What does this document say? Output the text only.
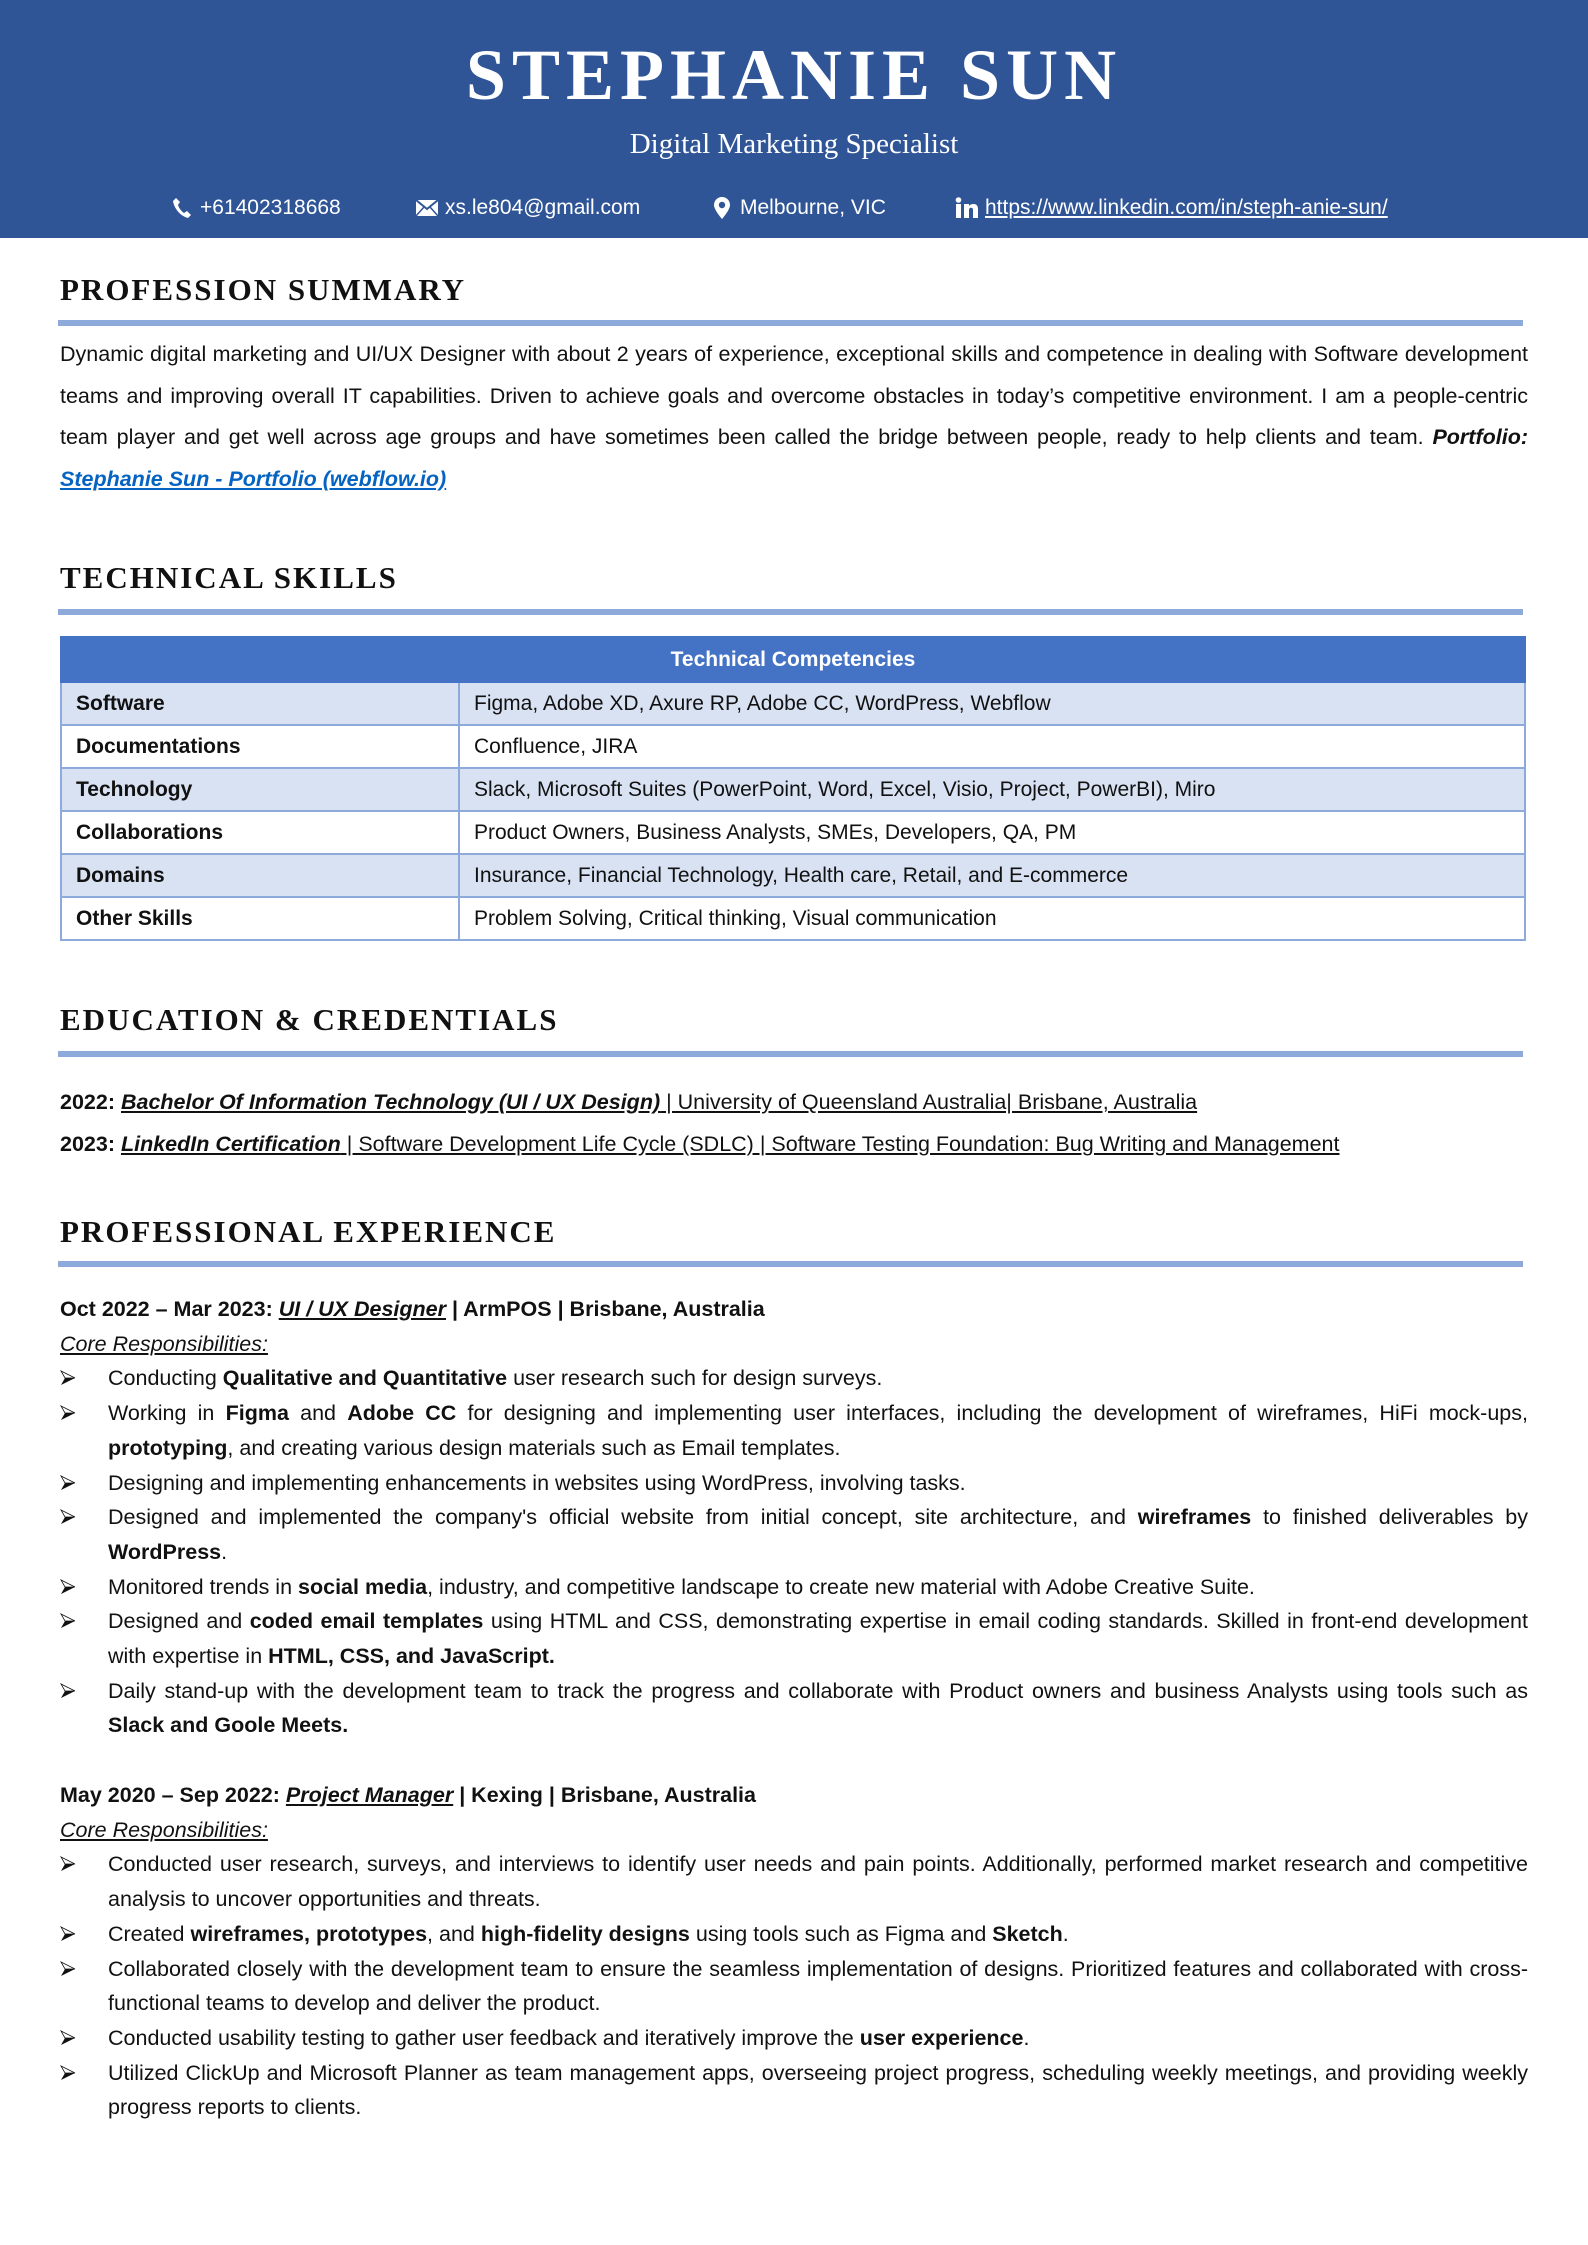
STEPHANIE SUN
Digital Marketing Specialist
+61402318668	xs.le804@gmail.com	Melbourne, VIC	https://www.linkedin.com/in/steph-anie-sun/
PROFESSION SUMMARY
Dynamic digital marketing and UI/UX Designer with about 2 years of experience, exceptional skills and competence in dealing with Software development teams and improving overall IT capabilities. Driven to achieve goals and overcome obstacles in today’s competitive environment. I am a people-centric team player and get well across age groups and have sometimes been called the bridge between people, ready to help clients and team. Portfolio: Stephanie Sun - Portfolio (webflow.io)
TECHNICAL SKILLS
Technical Competencies	
Software	Figma, Adobe XD, Axure RP, Adobe CC, WordPress, Webflow
Documentations	Confluence, JIRA
Technology	Slack, Microsoft Suites (PowerPoint, Word, Excel, Visio, Project, PowerBI), Miro
Collaborations	Product Owners, Business Analysts, SMEs, Developers, QA, PM
Domains	Insurance, Financial Technology, Health care, Retail, and E-commerce
Other Skills	Problem Solving, Critical thinking, Visual communication
EDUCATION & CREDENTIALS
2022: Bachelor Of Information Technology (UI / UX Design) | University of Queensland Australia| Brisbane, Australia
2023: LinkedIn Certification | Software Development Life Cycle (SDLC) | Software Testing Foundation: Bug Writing and Management
PROFESSIONAL EXPERIENCE
Oct 2022 – Mar 2023: UI / UX Designer | ArmPOS | Brisbane, Australia
Core Responsibilities:
Conducting Qualitative and Quantitative user research such for design surveys.
Working in Figma and Adobe CC for designing and implementing user interfaces, including the development of wireframes, HiFi mock-ups, prototyping, and creating various design materials such as Email templates.
Designing and implementing enhancements in websites using WordPress, involving tasks.
Designed and implemented the company's official website from initial concept, site architecture, and wireframes to finished deliverables by WordPress.
Monitored trends in social media, industry, and competitive landscape to create new material with Adobe Creative Suite.
Designed and coded email templates using HTML and CSS, demonstrating expertise in email coding standards. Skilled in front-end development with expertise in HTML, CSS, and JavaScript.
Daily stand-up with the development team to track the progress and collaborate with Product owners and business Analysts using tools such as Slack and Goole Meets.
May 2020 – Sep 2022: Project Manager | Kexing | Brisbane, Australia
Core Responsibilities:
Conducted user research, surveys, and interviews to identify user needs and pain points. Additionally, performed market research and competitive analysis to uncover opportunities and threats.
Created wireframes, prototypes, and high-fidelity designs using tools such as Figma and Sketch.
Collaborated closely with the development team to ensure the seamless implementation of designs. Prioritized features and collaborated with cross-functional teams to develop and deliver the product.
Conducted usability testing to gather user feedback and iteratively improve the user experience.
Utilized ClickUp and Microsoft Planner as team management apps, overseeing project progress, scheduling weekly meetings, and providing weekly progress reports to clients.
